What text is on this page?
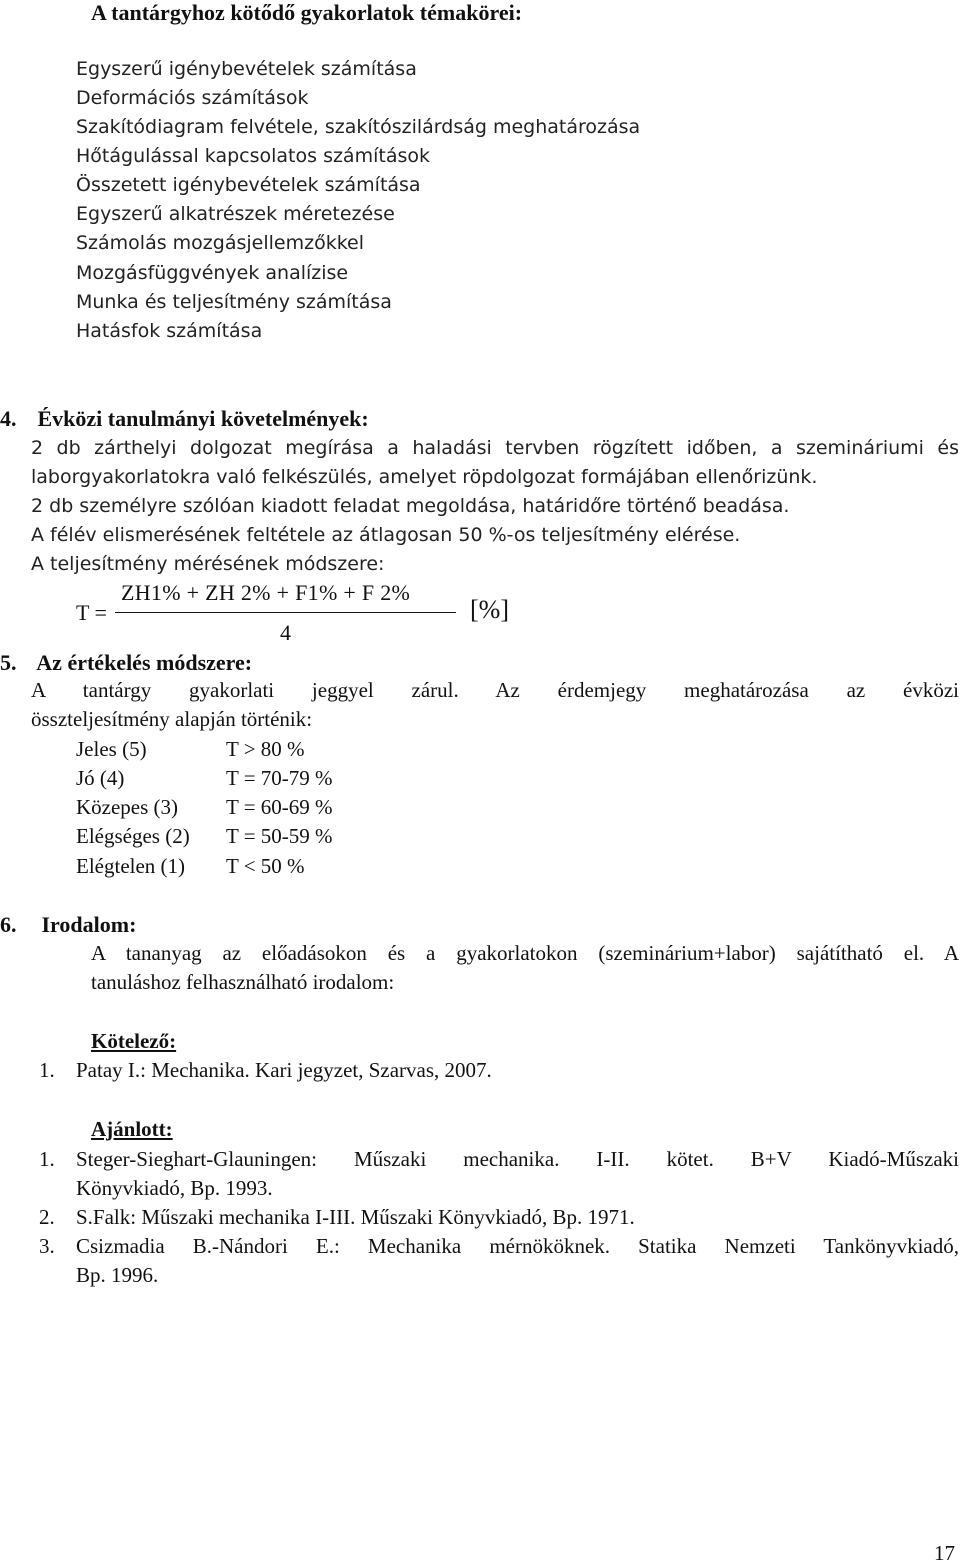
A tantárgyhoz kötődő gyakorlatok témakörei:
Egyszerű igénybevételek számítása
Deformációs számítások
Szakítódiagram felvétele, szakítószilárdság meghatározása
Hőtágulással kapcsolatos számítások
Összetett igénybevételek számítása
Egyszerű alkatrészek méretezése
Számolás mozgásjellemzőkkel
Mozgásfüggvények analízise
Munka és teljesítmény számítása
Hatásfok számítása
4. Évközi tanulmányi követelmények:
2 db zárthelyi dolgozat megírása a haladási tervben rögzített időben, a szemináriumi és
laborgyakorlatokra való felkészülés, amelyet röpdolgozat formájában ellenőrizünk.
2 db személyre szólóan kiadott feladat megoldása, határidőre történő beadása.
A félév elismerésének feltétele az átlagosan 50 %-os teljesítmény elérése.
A teljesítmény mérésének módszere:
T =
ZH1% + ZH 2% + F1% + F 2%
4
[%]
5. Az értékelés módszere:
A tantárgy gyakorlati jeggyel zárul. Az érdemjegy meghatározása az évközi
összteljesítmény alapján történik:
Jeles (5)	T > 80 %
Jó (4)	T = 70-79 %
Közepes (3) T = 60-69 %
Elégséges (2) T = 50-59 %
Elégtelen (1) T < 50 %
6. Irodalom:
A tananyag az előadásokon és a gyakorlatokon (szeminárium+labor) sajátítható el. A
tanuláshoz felhasználható irodalom:
Kötelező:
1. Patay I.: Mechanika. Kari jegyzet, Szarvas, 2007.
Ajánlott:
1. Steger-Sieghart-Glauningen: Műszaki mechanika. I-II. kötet. B+V Kiadó-Műszaki
Könyvkiadó, Bp. 1993.
2. S.Falk: Műszaki mechanika I-III. Műszaki Könyvkiadó, Bp. 1971.
3. Csizmadia B.-Nándori E.: Mechanika mérnököknek. Statika Nemzeti Tankönyvkiadó,
Bp. 1996.
17
